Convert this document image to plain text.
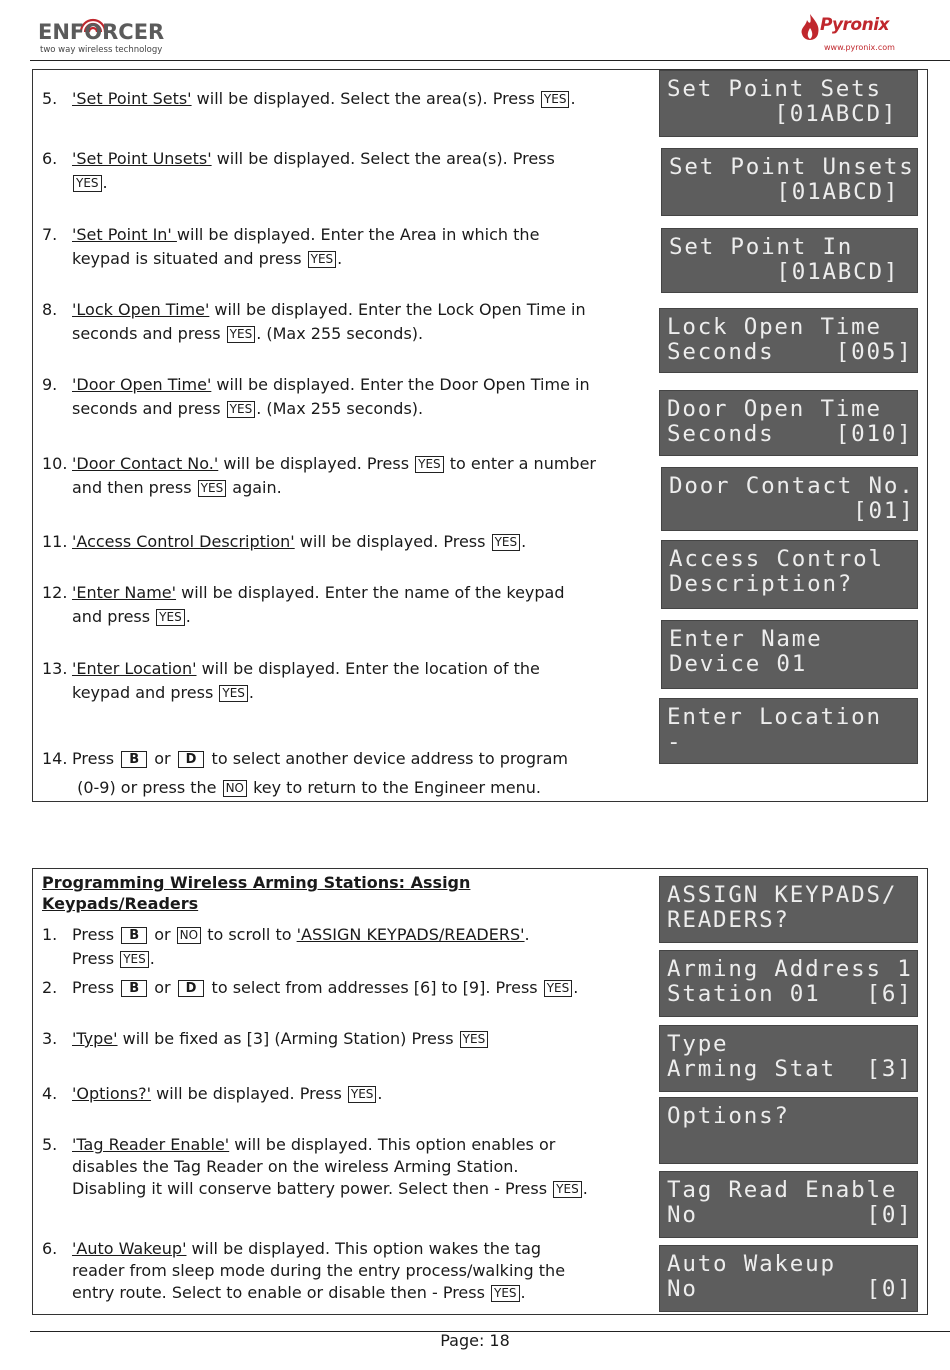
ENFORCER
two way wireless technology
Pyronix
www.pyronix.com
5. 'Set Point Sets' will be displayed. Select the area(s). Press YES .
6. 'Set Point Unsets' will be displayed. Select the area(s). Press
YES .
7. 'Set Point In' will be displayed. Enter the Area in which the
keypad is situated and press YES .
8. 'Lock Open Time' will be displayed. Enter the Lock Open Time in
seconds and press YES . (Max 255 seconds).
9. 'Door Open Time' will be displayed. Enter the Door Open Time in
seconds and press YES . (Max 255 seconds).
10. 'Door Contact No.' will be displayed. Press YES to enter a number
and then press YES again.
11. 'Access Control Description' will be displayed. Press YES .
12. 'Enter Name' will be displayed. Enter the name of the keypad
and press YES .
13. 'Enter Location' will be displayed. Enter the location of the
keypad and press YES .
14. Press B or D to select another device address to program
(0-9) or press the NO key to return to the Engineer menu.
Set Point Sets
[01ABCD]
Set Point Unsets
[01ABCD]
Set Point In
[01ABCD]
Lock Open Time
Seconds    [005]
Door Open Time
Seconds    [010]
Door Contact No.
[01]
Access Control
Description?
Enter Name
Device 01
Enter Location
-
Programming Wireless Arming Stations: Assign
Keypads/Readers
1. Press B or NO to scroll to 'ASSIGN KEYPADS/READERS'.
Press YES .
2. Press B or D to select from addresses [6] to [9]. Press YES .
3. 'Type' will be fixed as [3] (Arming Station) Press YES
4. 'Options?' will be displayed. Press YES .
5. 'Tag Reader Enable' will be displayed. This option enables or
disables the Tag Reader on the wireless Arming Station.
Disabling it will conserve battery power. Select then - Press YES .
6. 'Auto Wakeup' will be displayed. This option wakes the tag
reader from sleep mode during the entry process/walking the
entry route. Select to enable or disable then - Press YES .
ASSIGN KEYPADS/
READERS?
Arming Address 1
Station 01   [6]
Type
Arming Stat  [3]
Options?
Tag Read Enable
No           [0]
Auto Wakeup
No           [0]
Page: 18
